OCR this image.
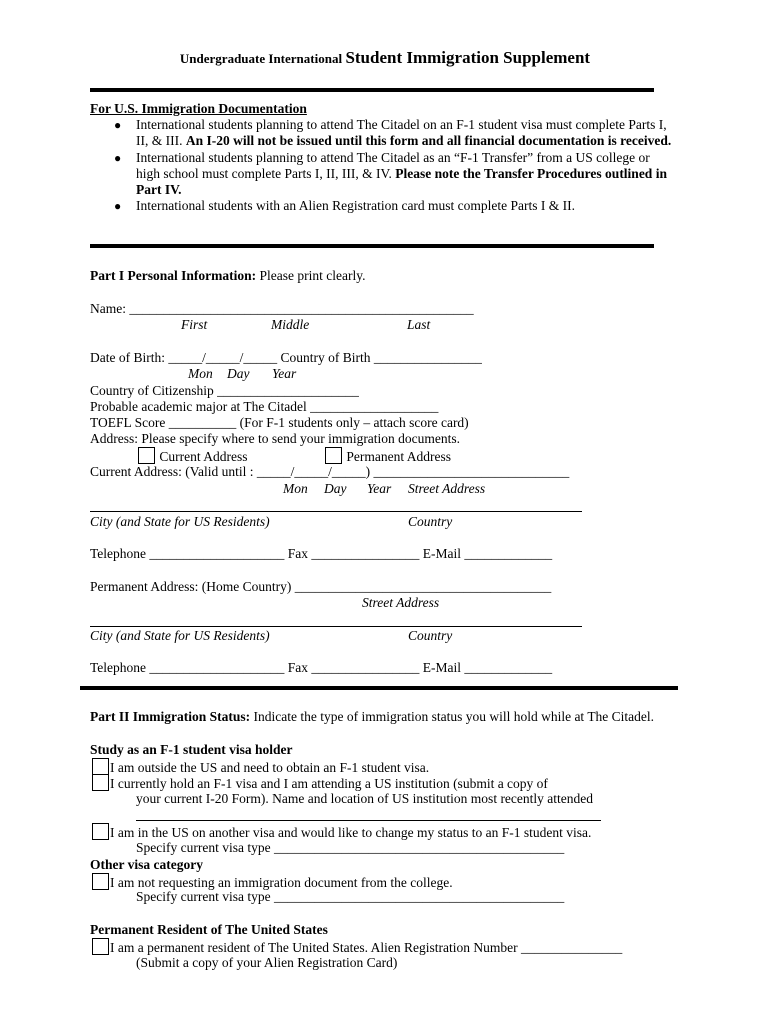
Undergraduate International Student Immigration Supplement
For U.S. Immigration Documentation
● International students planning to attend The Citadel on an F-1 student visa must complete Parts I, II, & III. An I-20 will not be issued until this form and all financial documentation is received.
● International students planning to attend The Citadel as an “F-1 Transfer” from a US college or high school must complete Parts I, II, III, & IV. Please note the Transfer Procedures outlined in Part IV.
● International students with an Alien Registration card must complete Parts I & II.
Part I Personal Information: Please print clearly.
Name: ___________________________________________________
First	Middle	Last
Date of Birth: _____/_____/_____ Country of Birth ________________
Mon Day Year
Country of Citizenship _____________________
Probable academic major at The Citadel ___________________
TOEFL Score __________ (For F-1 students only – attach score card)
Address: Please specify where to send your immigration documents.
Current Address	Permanent Address
Current Address: (Valid until : _____/_____/_____) _____________________________
Mon Day Year Street Address
City (and State for US Residents)	Country
Telephone ____________________ Fax ________________ E-Mail _____________
Permanent Address: (Home Country) ______________________________________
Street Address
City (and State for US Residents)	Country
Telephone ____________________ Fax ________________ E-Mail _____________
Part II Immigration Status: Indicate the type of immigration status you will hold while at The Citadel.
Study as an F-1 student visa holder
I am outside the US and need to obtain an F-1 student visa.
I currently hold an F-1 visa and I am attending a US institution (submit a copy of
your current I-20 Form). Name and location of US institution most recently attended
I am in the US on another visa and would like to change my status to an F-1 student visa.
Specify current visa type ___________________________________________
Other visa category
I am not requesting an immigration document from the college.
Specify current visa type ___________________________________________
Permanent Resident of The United States
I am a permanent resident of The United States. Alien Registration Number _______________
(Submit a copy of your Alien Registration Card)
